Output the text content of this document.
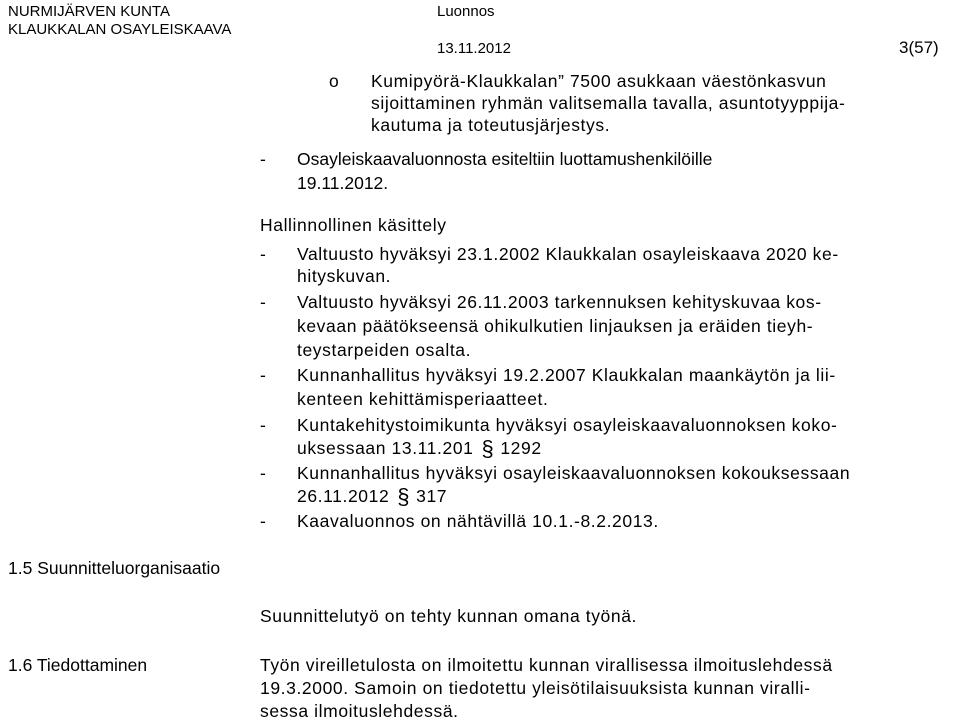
NURMIJÄRVEN KUNTA
KLAUKKALAN OSAYLEISKAAVA
Luonnos
13.11.2012	3(57)
o Kumipyörä-Klaukkalan” 7500 asukkaan väestönkasvun
sijoittaminen ryhmän valitsemalla tavalla, asuntotyyppija-
kautuma ja toteutusjärjestys.
- Osayleiskaavaluonnosta esiteltiin luottamushenkilöille
19.11.2012.
Hallinnollinen käsittely
- Valtuusto hyväksyi 23.1.2002 Klaukkalan osayleiskaava 2020 ke-
hityskuvan.
- Valtuusto hyväksyi 26.11.2003 tarkennuksen kehityskuvaa kos-
kevaan päätökseensä ohikulkutien linjauksen ja eräiden tieyh-
teystarpeiden osalta.
- Kunnanhallitus hyväksyi 19.2.2007 Klaukkalan maankäytön ja lii-
kenteen kehittämisperiaatteet.
- Kuntakehitystoimikunta hyväksyi osayleiskaavaluonnoksen koko-
uksessaan 13.11.201 § 1292
- Kunnanhallitus hyväksyi osayleiskaavaluonnoksen kokouksessaan
26.11.2012 § 317
- Kaavaluonnos on nähtävillä 10.1.-8.2.2013.
1.5 Suunnitteluorganisaatio
Suunnittelutyö on tehty kunnan omana työnä.
1.6 Tiedottaminen	Työn vireilletulosta on ilmoitettu kunnan virallisessa ilmoituslehdessä
19.3.2000. Samoin on tiedotettu yleisötilaisuuksista kunnan viralli-
sessa ilmoituslehdessä.
